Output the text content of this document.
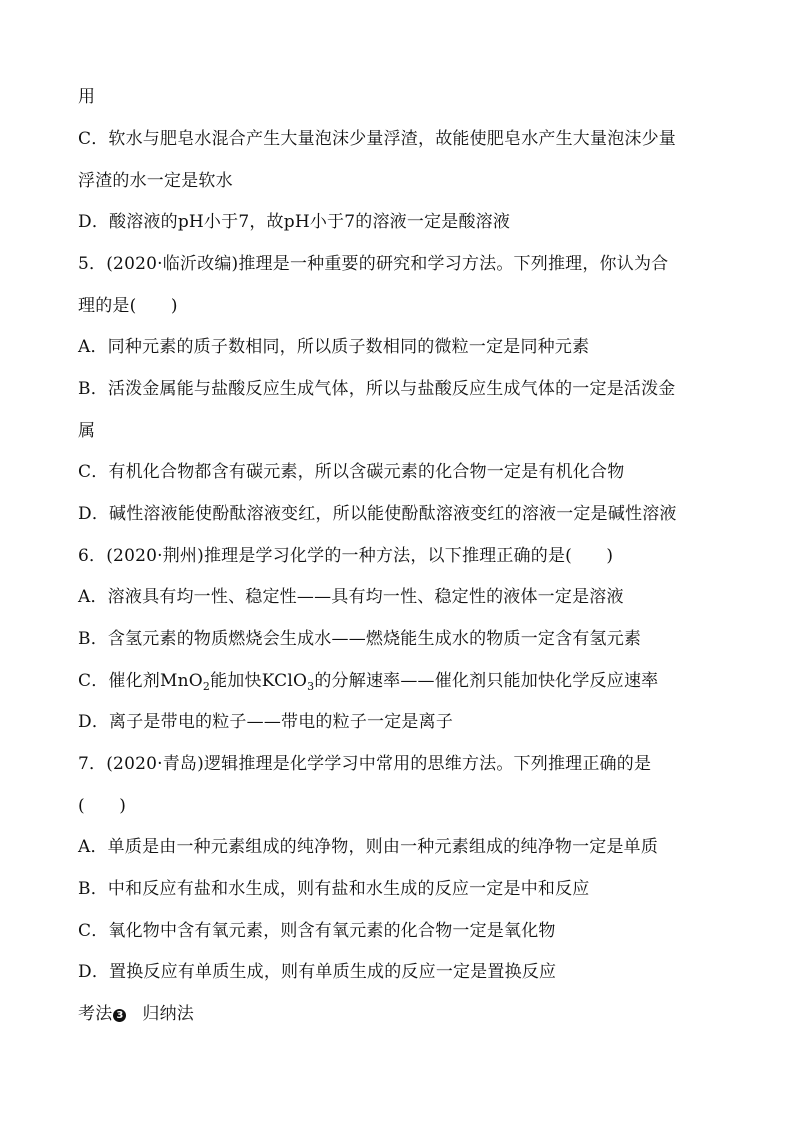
用
C．软水与肥皂水混合产生大量泡沫少量浮渣，故能使肥皂水产生大量泡沫少量
浮渣的水一定是软水
D．酸溶液的pH小于7，故pH小于7的溶液一定是酸溶液
5．(2020·临沂改编)推理是一种重要的研究和学习方法。下列推理，你认为合
理的是(　　)
A．同种元素的质子数相同，所以质子数相同的微粒一定是同种元素
B．活泼金属能与盐酸反应生成气体，所以与盐酸反应生成气体的一定是活泼金
属
C．有机化合物都含有碳元素，所以含碳元素的化合物一定是有机化合物
D．碱性溶液能使酚酞溶液变红，所以能使酚酞溶液变红的溶液一定是碱性溶液
6．(2020·荆州)推理是学习化学的一种方法，以下推理正确的是(　　)
A．溶液具有均一性、稳定性——具有均一性、稳定性的液体一定是溶液
B．含氢元素的物质燃烧会生成水——燃烧能生成水的物质一定含有氢元素
C．催化剂MnO$_2$能加快KClO$_3$的分解速率——催化剂只能加快化学反应速率
D．离子是带电的粒子——带电的粒子一定是离子
7．(2020·青岛)逻辑推理是化学学习中常用的思维方法。下列推理正确的是
(　　)
A．单质是由一种元素组成的纯净物，则由一种元素组成的纯净物一定是单质
B．中和反应有盐和水生成，则有盐和水生成的反应一定是中和反应
C．氧化物中含有氧元素，则含有氧元素的化合物一定是氧化物
D．置换反应有单质生成，则有单质生成的反应一定是置换反应
考法 3 归纳法
